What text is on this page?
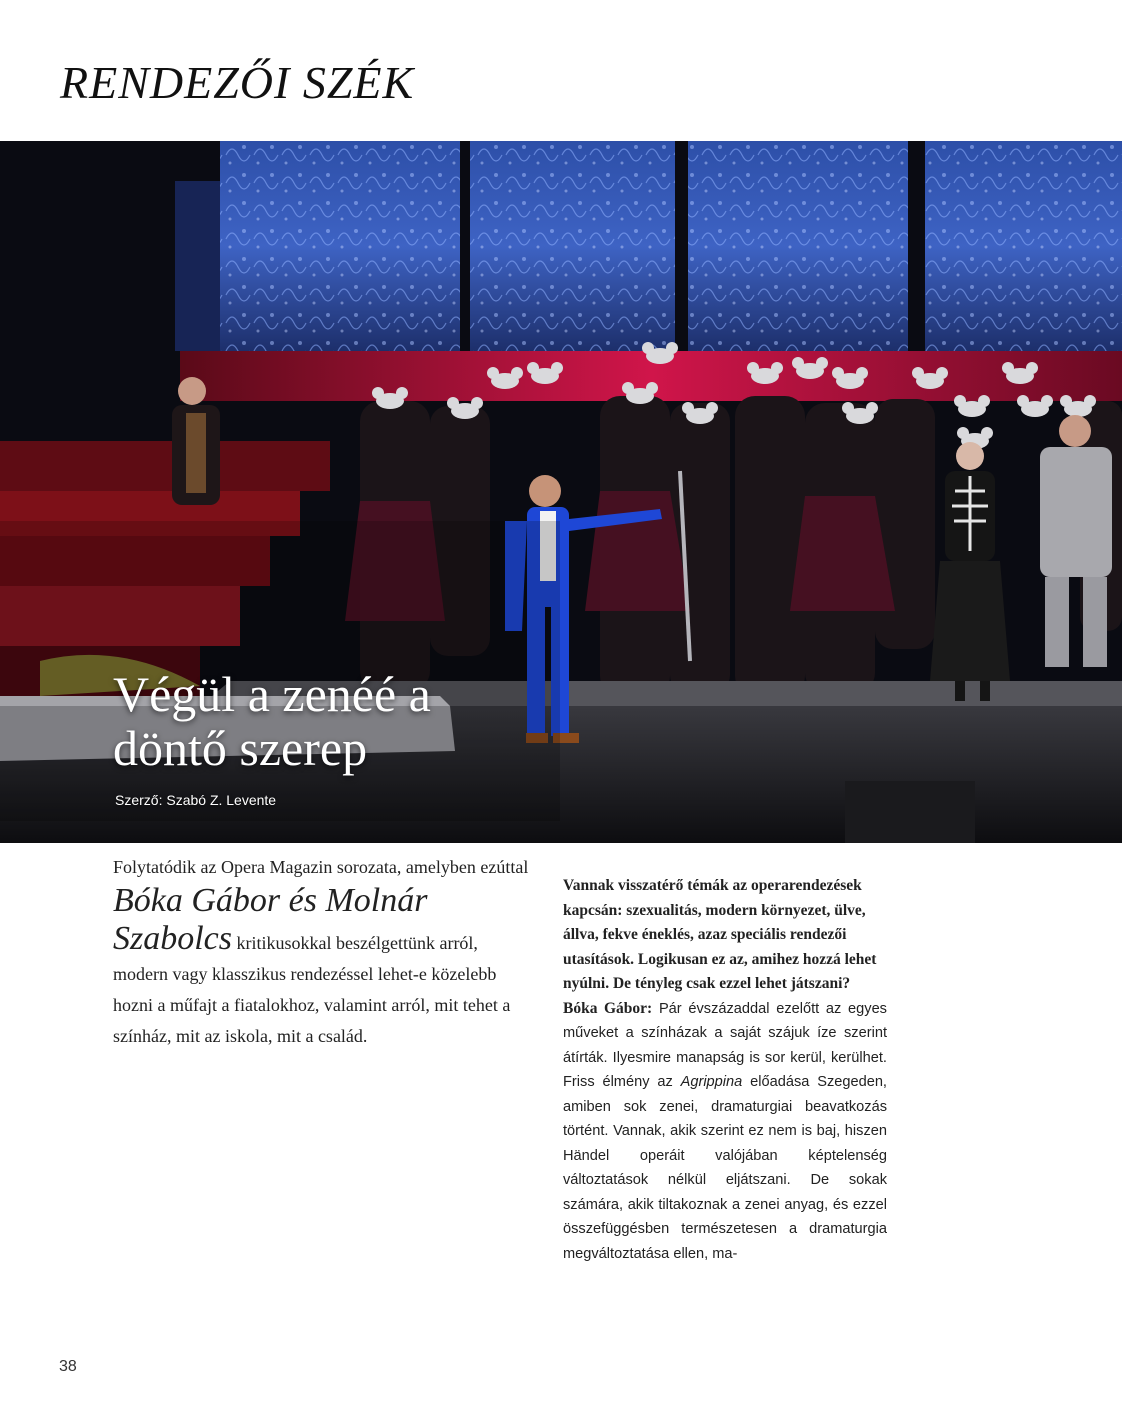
RENDEZŐI SZÉK
Végül a zenéé a
döntő szerep
Szerző: Szabó Z. Levente
Folytatódik az Opera Magazin sorozata, amelyben ezúttal Bóka Gábor és Molnár Szabolcs kritikusokkal beszélgettünk arról, modern vagy klasszikus rendezéssel lehet-e közelebb hozni a műfajt a fiatalokhoz, valamint arról, mit tehet a színház, mit az iskola, mit a család.

Vannak visszatérő témák az operarendezések kapcsán: szexualitás, modern környezet, ülve, állva, fekve éneklés, azaz speciális rendezői utasítások. Logikusan ez az, amihez hozzá lehet nyúlni. De tényleg csak ezzel lehet játszani?

Bóka Gábor: Pár évszázaddal ezelőtt az egyes műveket a színházak a saját szájuk íze szerint átírták. Ilyesmire manapság is sor kerül, kerülhet. Friss élmény az Agrippina előadása Szegeden, amiben sok zenei, dramaturgiai beavatkozás történt. Vannak, akik szerint ez nem is baj, hiszen Händel operáit valójában képtelenség változtatások nélkül eljátszani. De sokak számára, akik tiltakoznak a zenei anyag, és ezzel összefüggésben természetesen a dramaturgia megváltoztatása ellen, ma-

38
